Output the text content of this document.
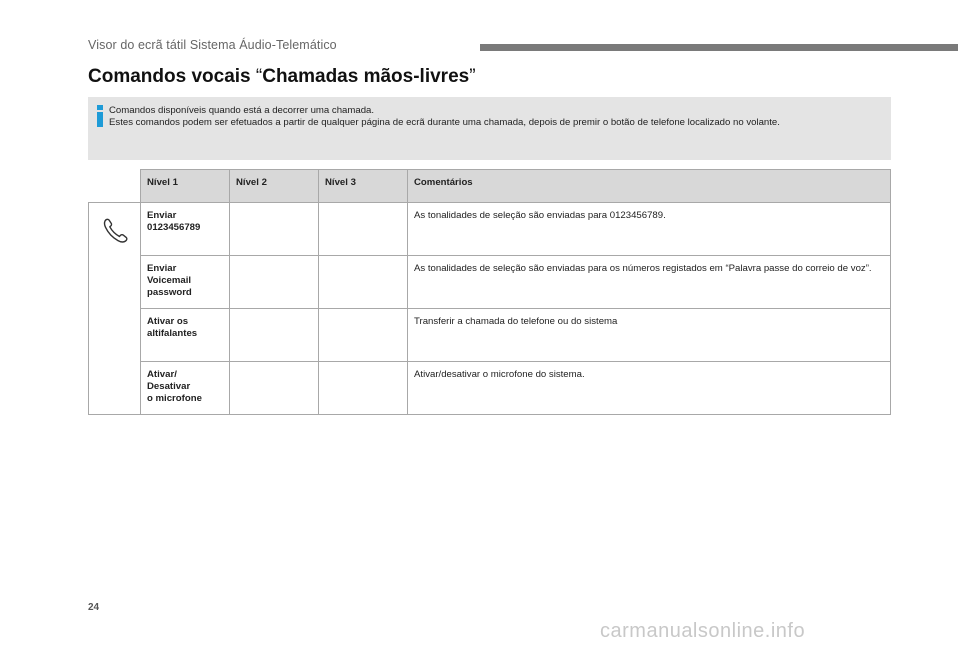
Visor do ecrã tátil Sistema Áudio-Telemático
Comandos vocais “Chamadas mãos-livres”
Comandos disponíveis quando está a decorrer uma chamada.
Estes comandos podem ser efetuados a partir de qualquer página de ecrã durante uma chamada, depois de premir o botão de telefone localizado no volante.
	Nível 1	Nível 2	Nível 3	Comentários

Enviar
0123456789			As tonalidades de seleção são enviadas para 0123456789.

	Enviar
Voicemail
password			As tonalidades de seleção são enviadas para os números registados em “Palavra passe do correio de voz”.

	Ativar os
altifalantes			Transferir a chamada do telefone ou do sistema

	Ativar/
Desativar
o microfone			Ativar/desativar o microfone do sistema.
24
carmanualsonline.info
